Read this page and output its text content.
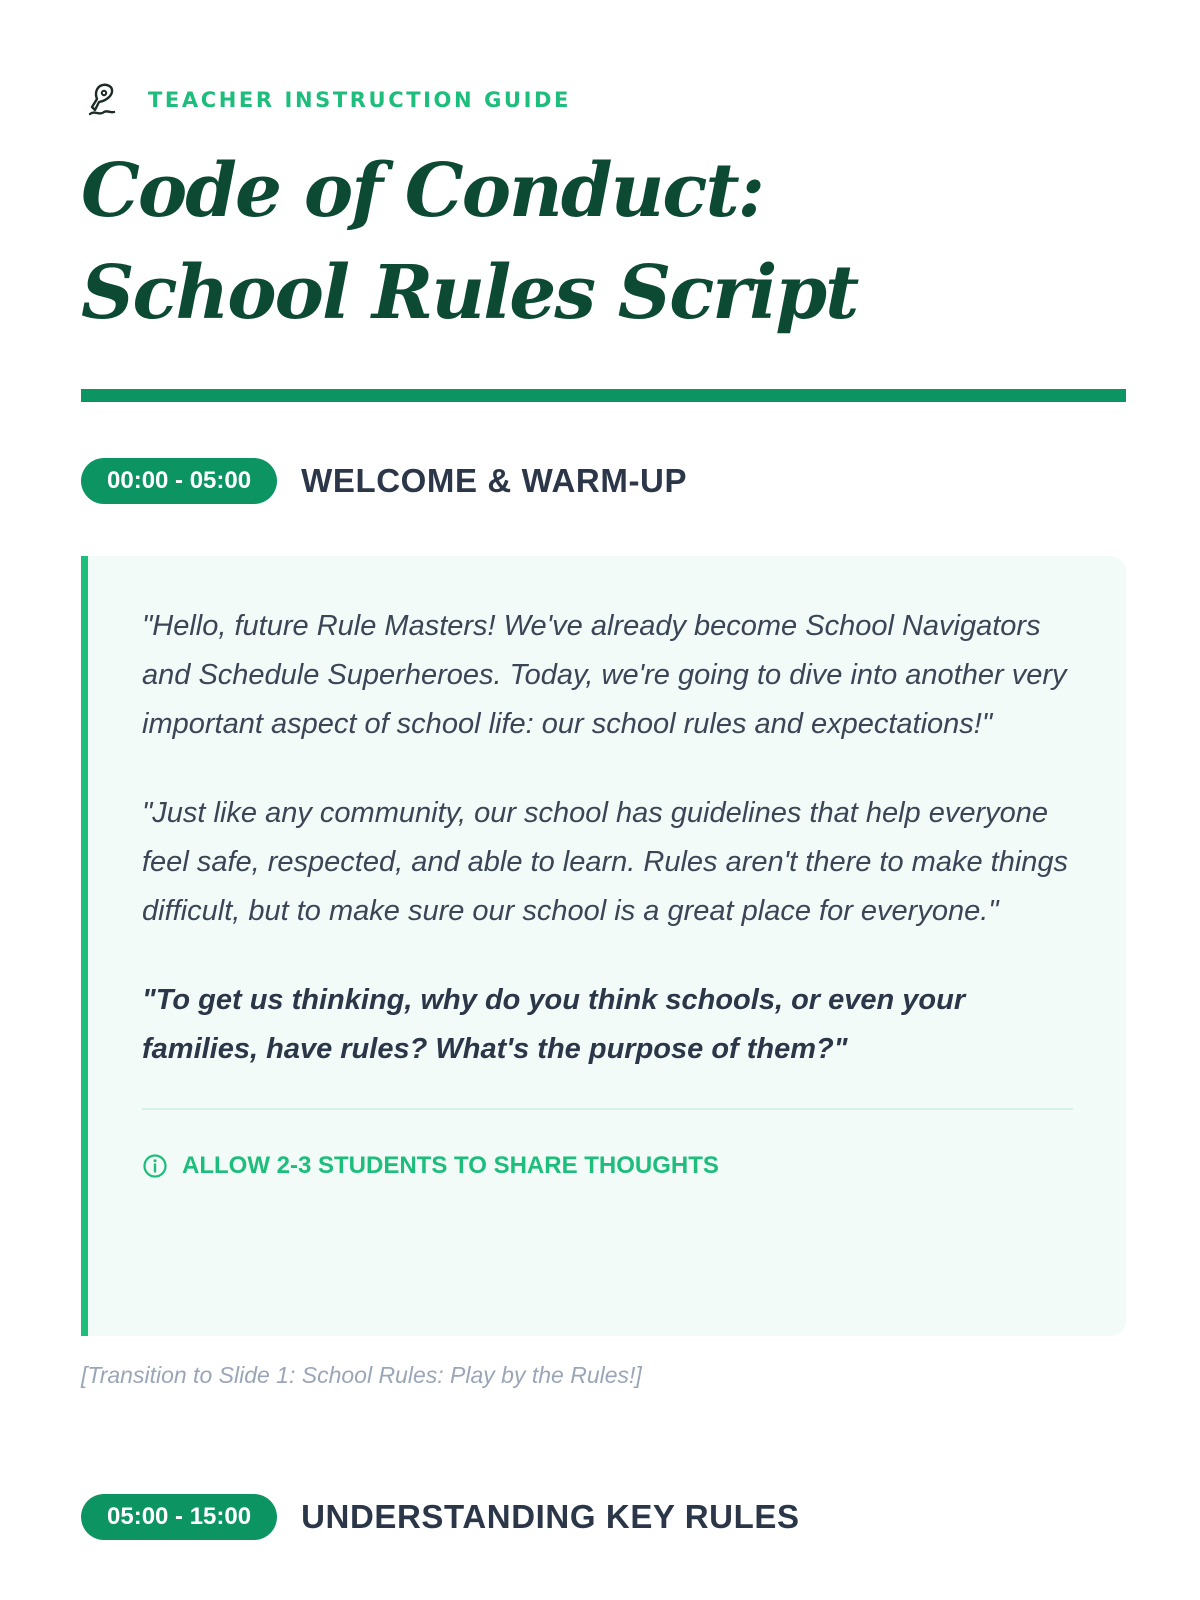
TEACHER INSTRUCTION GUIDE
Code of Conduct:
School Rules Script
00:00 - 05:00	WELCOME & WARM-UP

"Hello, future Rule Masters! We've already become School Navigators and Schedule Superheroes. Today, we're going to dive into another very important aspect of school life: our school rules and expectations!"

"Just like any community, our school has guidelines that help everyone feel safe, respected, and able to learn. Rules aren't there to make things difficult, but to make sure our school is a great place for everyone."

"To get us thinking, why do you think schools, or even your families, have rules? What's the purpose of them?"

ALLOW 2-3 STUDENTS TO SHARE THOUGHTS
[Transition to Slide 1: School Rules: Play by the Rules!]
05:00 - 15:00	UNDERSTANDING KEY RULES
